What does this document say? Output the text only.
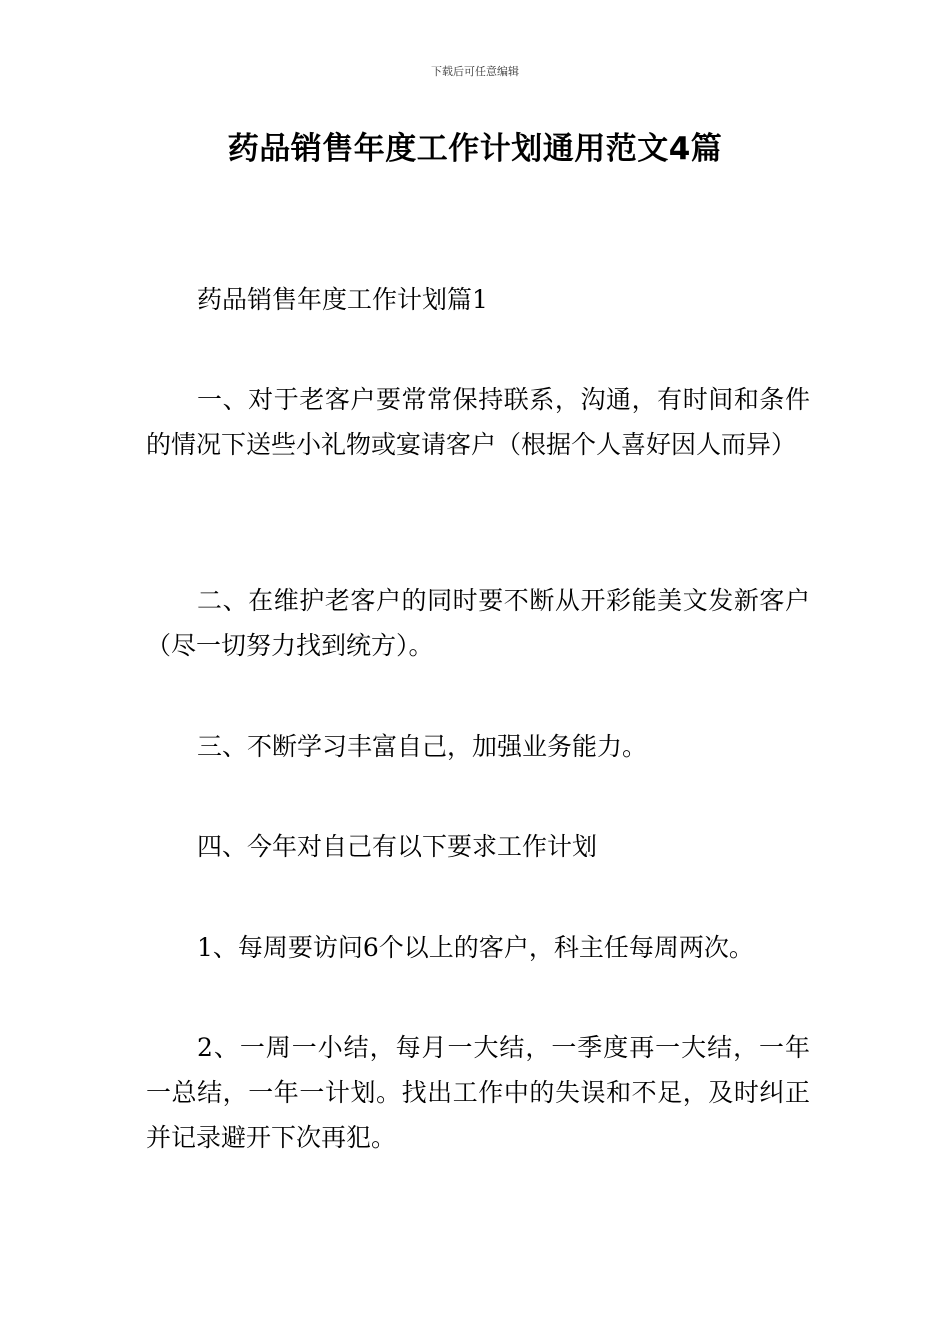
下载后可任意编辑
药品销售年度工作计划通用范文4篇

药品销售年度工作计划篇1

一、对于老客户要常常保持联系，沟通，有时间和条件的情况下送些小礼物或宴请客户（根据个人喜好因人而异）

二、在维护老客户的同时要不断从开彩能美文发新客户（尽一切努力找到统方）。

三、不断学习丰富自己，加强业务能力。

四、今年对自己有以下要求工作计划

1、每周要访问6个以上的客户，科主任每周两次。

2、一周一小结，每月一大结，一季度再一大结，一年一总结，一年一计划。找出工作中的失误和不足，及时纠正并记录避开下次再犯。
